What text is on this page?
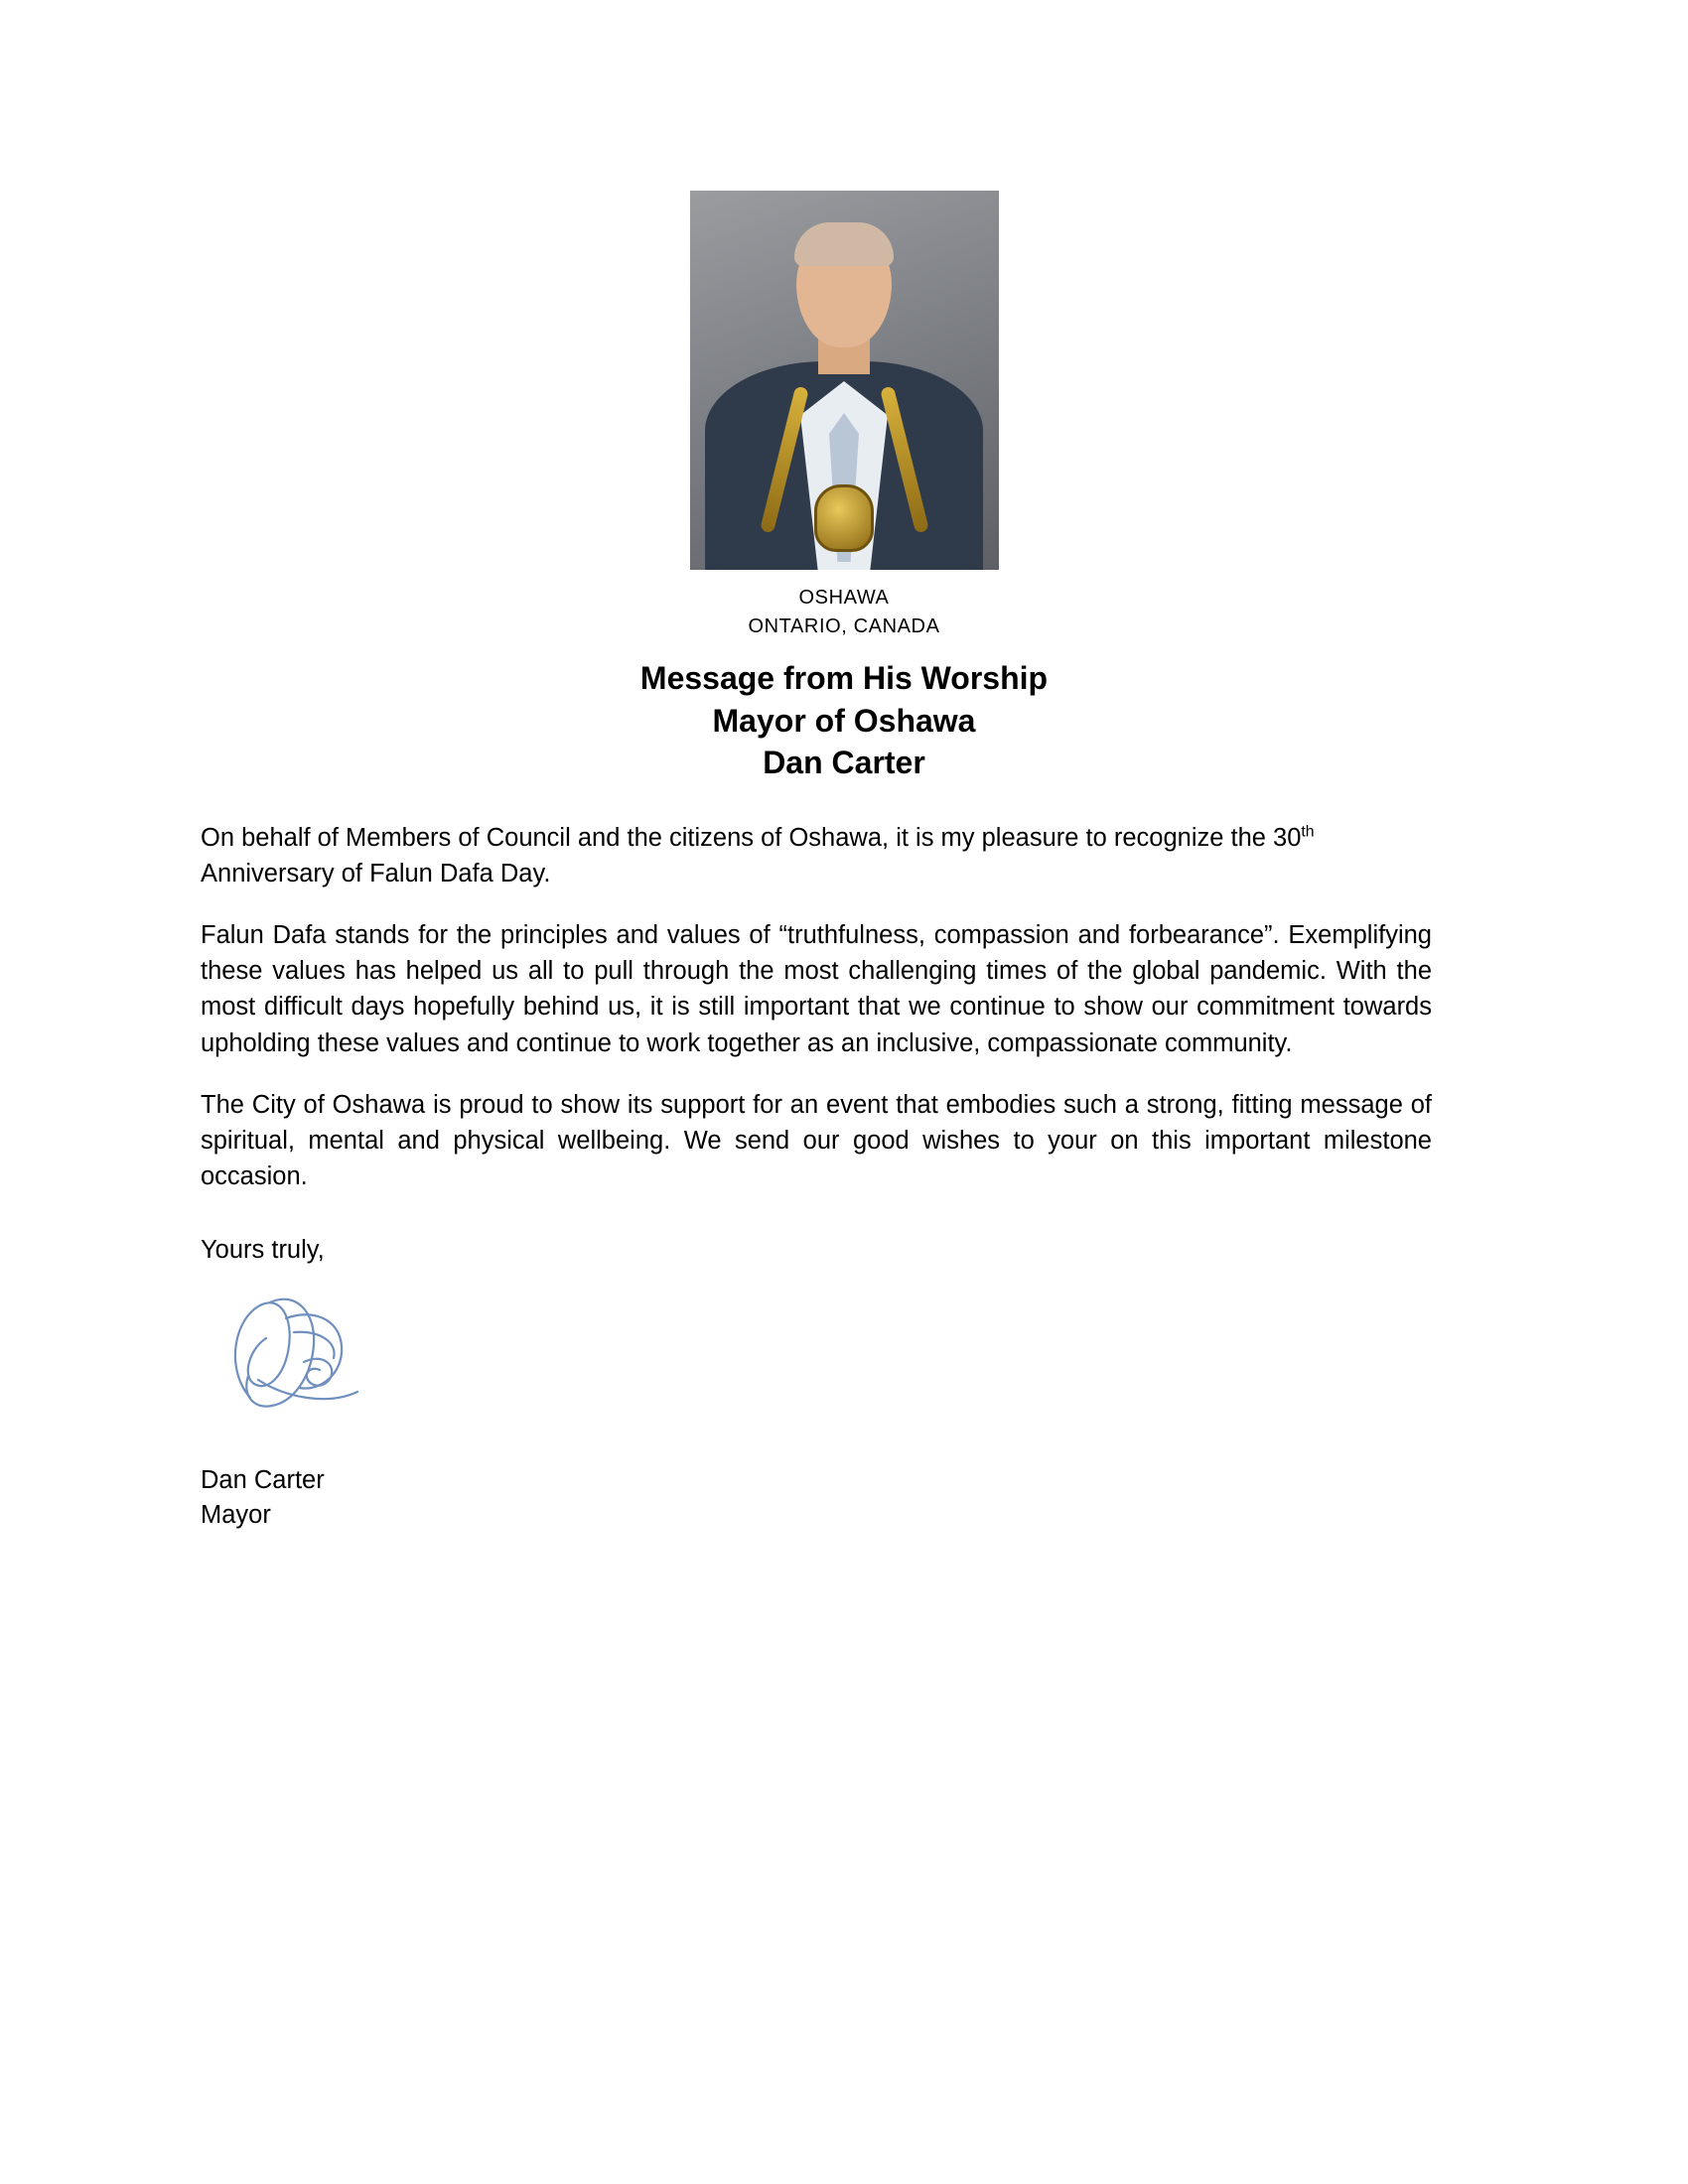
OSHAWA
ONTARIO, CANADA
Message from His Worship
Mayor of Oshawa
Dan Carter

On behalf of Members of Council and the citizens of Oshawa, it is my pleasure to recognize the 30th Anniversary of Falun Dafa Day.

Falun Dafa stands for the principles and values of “truthfulness, compassion and forbearance”. Exemplifying these values has helped us all to pull through the most challenging times of the global pandemic. With the most difficult days hopefully behind us, it is still important that we continue to show our commitment towards upholding these values and continue to work together as an inclusive, compassionate community.

The City of Oshawa is proud to show its support for an event that embodies such a strong, fitting message of spiritual, mental and physical wellbeing. We send our good wishes to your on this important milestone occasion.

Yours truly,
Dan Carter
Mayor
